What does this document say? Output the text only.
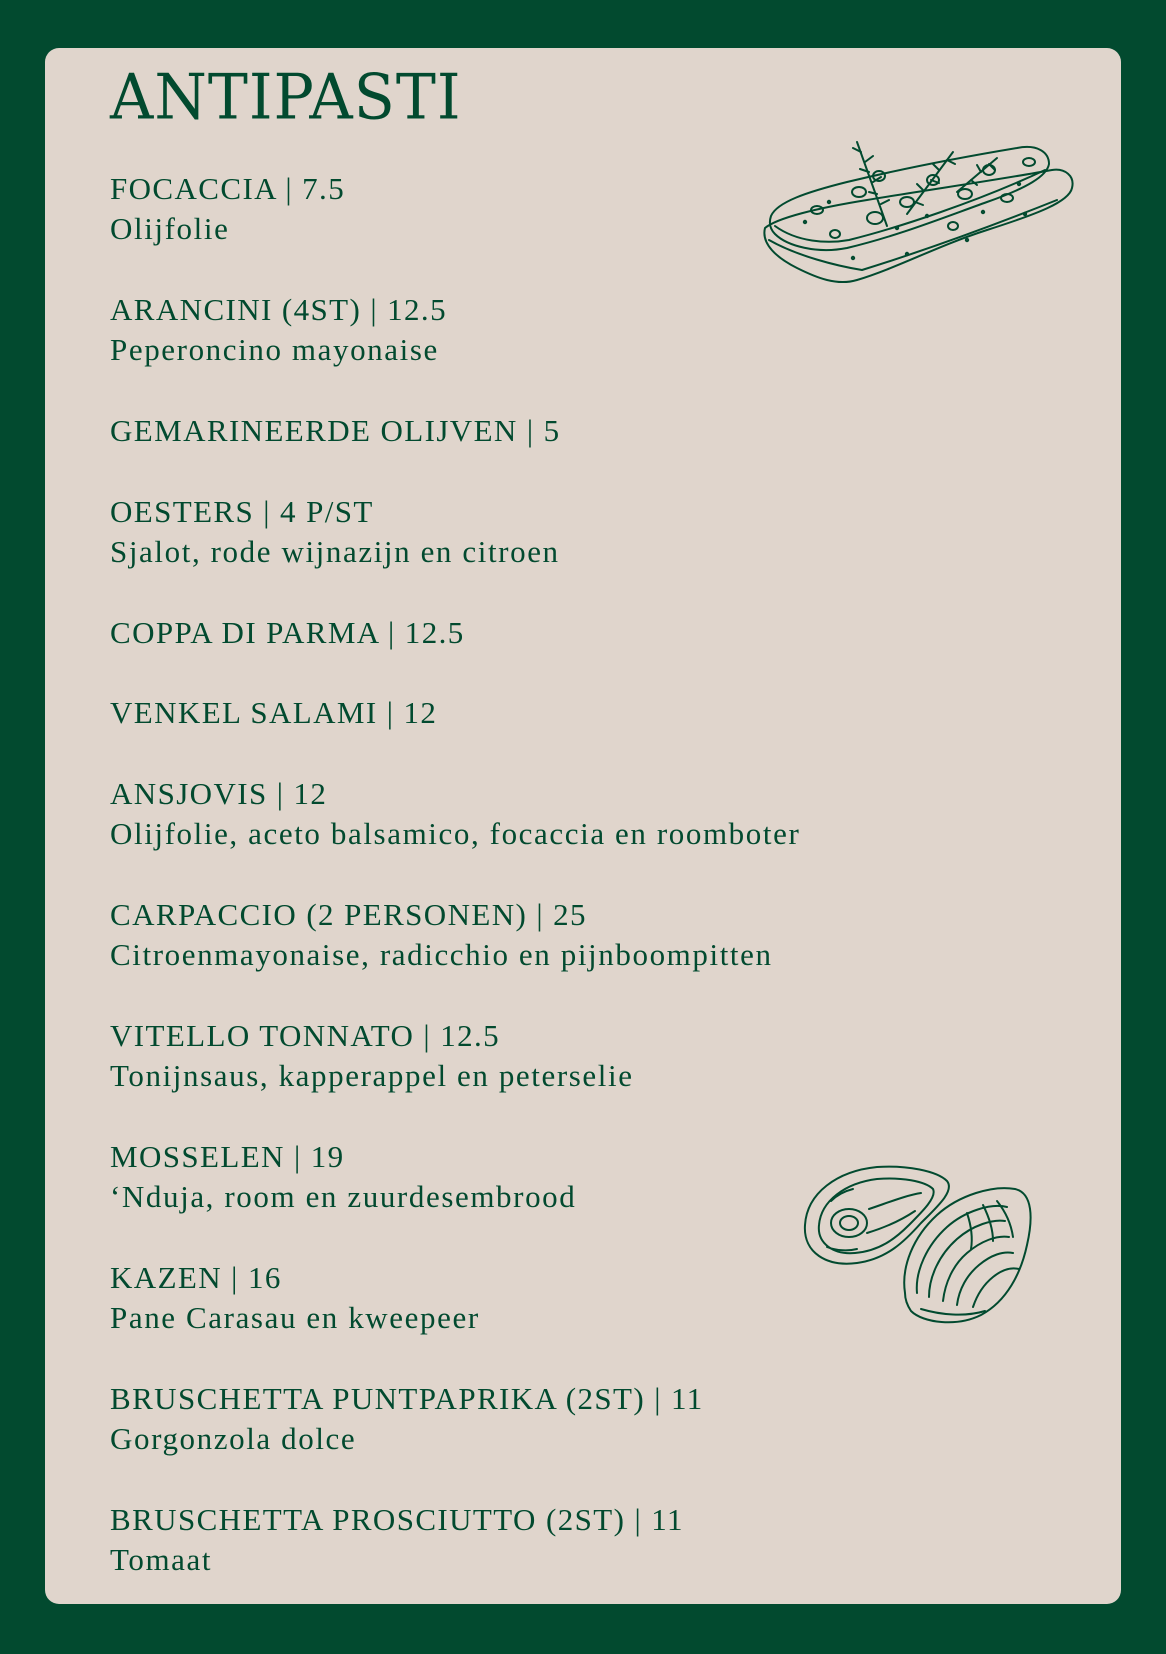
ANTIPASTI
FOCACCIA | 7.5
Olijfolie
ARANCINI (4ST) | 12.5
Peperoncino mayonaise
GEMARINEERDE OLIJVEN | 5
OESTERS | 4 P/ST
Sjalot, rode wijnazijn en citroen
COPPA DI PARMA | 12.5
VENKEL SALAMI | 12
ANSJOVIS | 12
Olijfolie, aceto balsamico, focaccia en roomboter
CARPACCIO (2 PERSONEN) | 25
Citroenmayonaise, radicchio en pijnboompitten
VITELLO TONNATO | 12.5
Tonijnsaus, kapperappel en peterselie
MOSSELEN | 19
‘Nduja, room en zuurdesembrood
KAZEN | 16
Pane Carasau en kweepeer
BRUSCHETTA PUNTPAPRIKA (2ST) | 11
Gorgonzola dolce
BRUSCHETTA PROSCIUTTO (2ST) | 11
Tomaat
